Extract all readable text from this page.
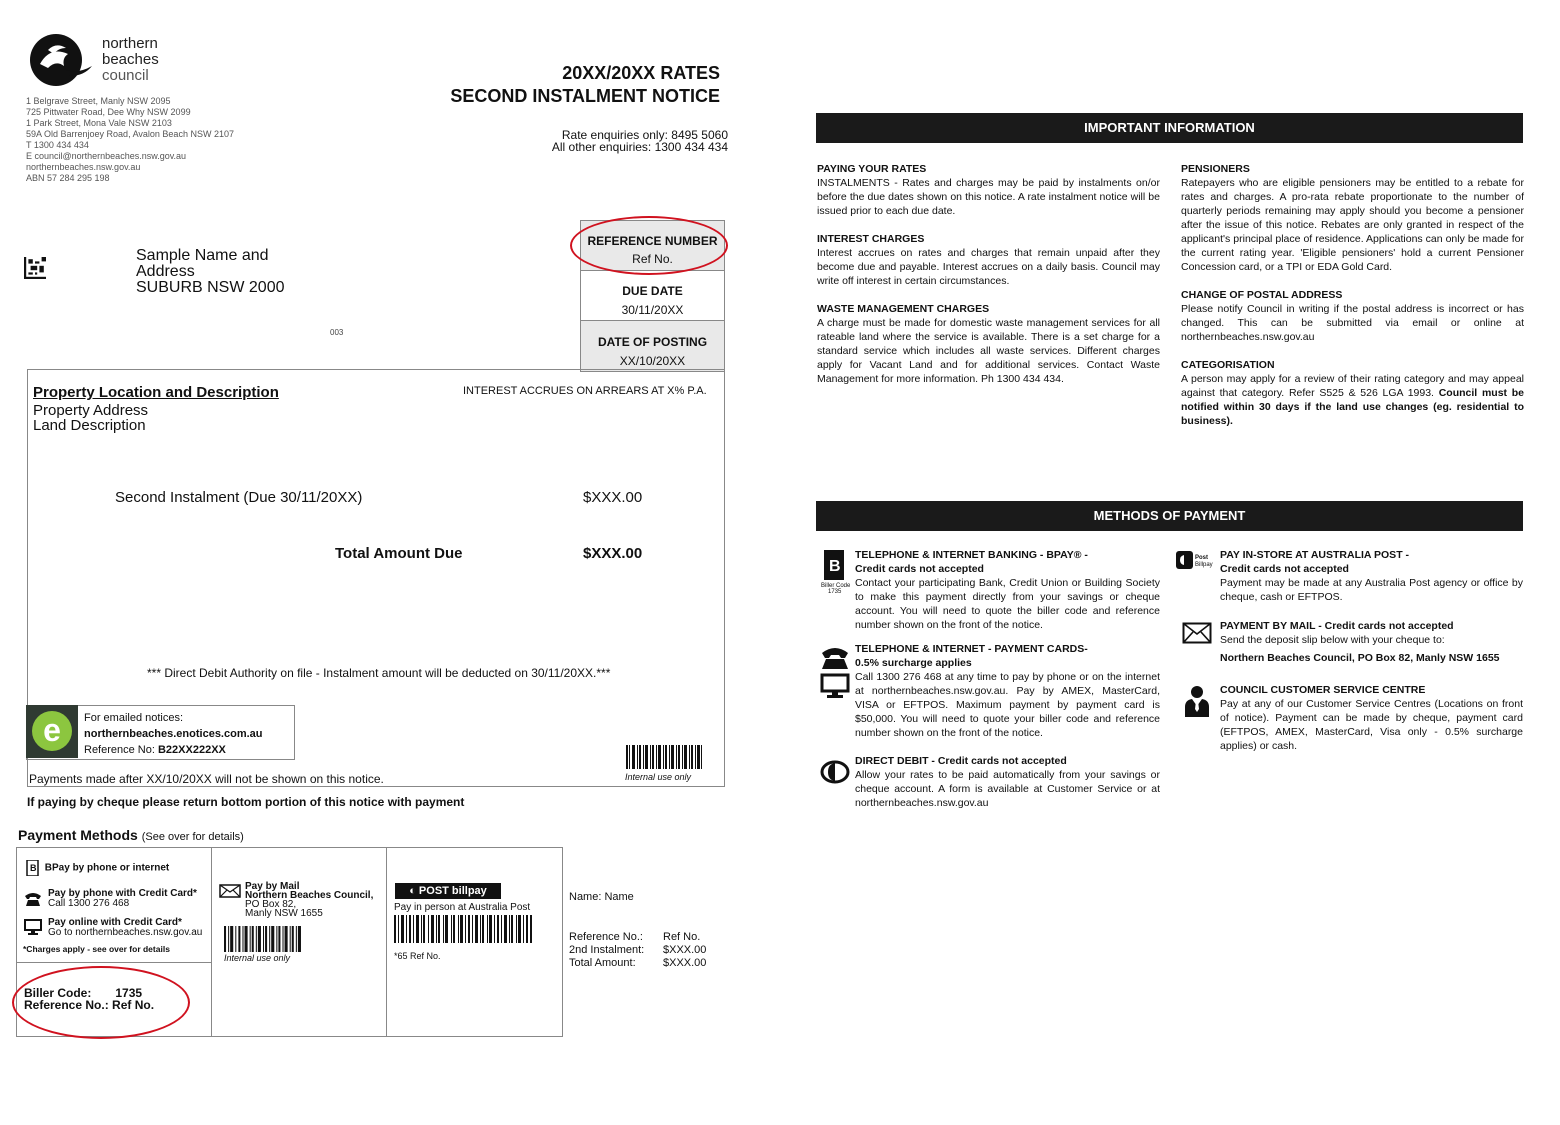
northern
beaches
council
1 Belgrave Street, Manly NSW 2095
725 Pittwater Road, Dee Why NSW 2099
1 Park Street, Mona Vale NSW 2103
59A Old Barrenjoey Road, Avalon Beach NSW 2107
T 1300 434 434
E council@northernbeaches.nsw.gov.au
northernbeaches.nsw.gov.au
ABN 57 284 295 198
20XX/20XX RATES
SECOND INSTALMENT NOTICE
Rate enquiries only: 8495 5060
All other enquiries: 1300 434 434
Sample Name and
Address
SUBURB NSW 2000
003
REFERENCE NUMBER
Ref No.
DUE DATE
30/11/20XX
DATE OF POSTING
XX/10/20XX
Property Location and Description
Property Address
Land Description
INTEREST ACCRUES ON ARREARS AT X% P.A.
Second Instalment (Due 30/11/20XX)	$XXX.00
Total Amount Due	$XXX.00
*** Direct Debit Authority on file - Instalment amount will be deducted on 30/11/20XX.***
e	For emailed notices:
northernbeaches.enotices.com.au
Reference No: B22XX222XX
Internal use only
Payments made after XX/10/20XX will not be shown on this notice.
If paying by cheque please return bottom portion of this notice with payment
Payment Methods (See over for details)
B BPay by phone or internet
Pay by phone with Credit Card*
Call 1300 276 468
Pay online with Credit Card*
Go to northernbeaches.nsw.gov.au
*Charges apply - see over for details
Biller Code: 1735
Reference No.: Ref No.
Pay by Mail
Northern Beaches Council,
PO Box 82,
Manly NSW 1655
Internal use only
◐ POST billpay
Pay in person at Australia Post
*65 Ref No.
Name: Name
Reference No.: Ref No.
2nd Instalment: $XXX.00
Total Amount: $XXX.00
IMPORTANT INFORMATION
PAYING YOUR RATES

INSTALMENTS - Rates and charges may be paid by instalments on/or before the due dates shown on this notice. A rate instalment notice will be issued prior to each due date.

INTEREST CHARGES

Interest accrues on rates and charges that remain unpaid after they become due and payable. Interest accrues on a daily basis. Council may write off interest in certain circumstances.

WASTE MANAGEMENT CHARGES

A charge must be made for domestic waste management services for all rateable land where the service is available. There is a set charge for a standard service which includes all waste services. Different charges apply for Vacant Land and for additional services. Contact Waste Management for more information. Ph 1300 434 434.

PENSIONERS

Ratepayers who are eligible pensioners may be entitled to a rebate for rates and charges. A pro-rata rebate proportionate to the number of quarterly periods remaining may apply should you become a pensioner after the issue of this notice. Rebates are only granted in respect of the applicant's principal place of residence. Applications can only be made for the current rating year. 'Eligible pensioners' hold a current Pensioner Concession card, or a TPI or EDA Gold Card.

CHANGE OF POSTAL ADDRESS

Please notify Council in writing if the postal address is incorrect or has changed. This can be submitted via email or online at northernbeaches.nsw.gov.au

CATEGORISATION

A person may apply for a review of their rating category and may appeal against that category. Refer S525 & 526 LGA 1993. Council must be notified within 30 days if the land use changes (eg. residential to business).

METHODS OF PAYMENT
B
Biller Code
1735
TELEPHONE & INTERNET BANKING - BPAY® -
Credit cards not accepted

Contact your participating Bank, Credit Union or Building Society to make this payment directly from your savings or cheque account. You will need to quote the biller code and reference number shown on the front of the notice.

TELEPHONE & INTERNET - PAYMENT CARDS-
0.5% surcharge applies

Call 1300 276 468 at any time to pay by phone or on the internet at northernbeaches.nsw.gov.au. Pay by AMEX, MasterCard, VISA or EFTPOS. Maximum payment by payment card is $50,000. You will need to quote your biller code and reference number shown on the front of the notice.

DIRECT DEBIT - Credit cards not accepted

Allow your rates to be paid automatically from your savings or cheque account. A form is available at Customer Service or at northernbeaches.nsw.gov.au

Post
Billpay
PAY IN-STORE AT AUSTRALIA POST -
Credit cards not accepted

Payment may be made at any Australia Post agency or office by cheque, cash or EFTPOS.

PAYMENT BY MAIL - Credit cards not accepted

Send the deposit slip below with your cheque to:

Northern Beaches Council, PO Box 82, Manly NSW 1655

COUNCIL CUSTOMER SERVICE CENTRE

Pay at any of our Customer Service Centres (Locations on front of notice). Payment can be made by cheque, payment card (EFTPOS, AMEX, MasterCard, Visa only - 0.5% surcharge applies) or cash.
